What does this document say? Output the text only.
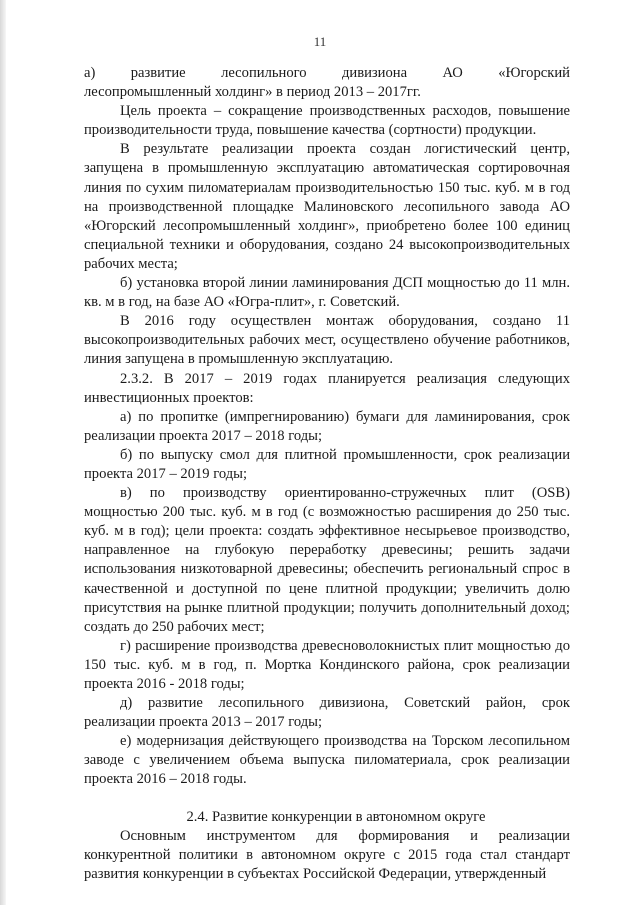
11
а) развитие лесопильного дивизиона АО «Югорский
лесопромышленный холдинг» в период 2013 – 2017гг.

Цель проекта – сокращение производственных расходов, повышение производительности труда, повышение качества (сортности) продукции.

В результате реализации проекта создан логистический центр, запущена в промышленную эксплуатацию автоматическая сортировочная линия по сухим пиломатериалам производительностью 150 тыс. куб. м в год на производственной площадке Малиновского лесопильного завода АО «Югорский лесопромышленный холдинг», приобретено более 100 единиц специальной техники и оборудования, создано 24 высокопроизводительных рабочих места;

б) установка второй линии ламинирования ДСП мощностью до 11 млн. кв. м в год, на базе АО «Югра-плит», г. Советский.

В 2016 году осуществлен монтаж оборудования, создано 11 высокопроизводительных рабочих мест, осуществлено обучение работников, линия запущена в промышленную эксплуатацию.

2.3.2. В 2017 – 2019 годах планируется реализация следующих инвестиционных проектов:

а) по пропитке (импрегнированию) бумаги для ламинирования, срок реализации проекта 2017 – 2018 годы;

б) по выпуску смол для плитной промышленности, срок реализации проекта 2017 – 2019 годы;

в) по производству ориентированно-стружечных плит (OSB) мощностью 200 тыс. куб. м в год (с возможностью расширения до 250 тыс. куб. м в год); цели проекта: создать эффективное несырьевое производство, направленное на глубокую переработку древесины; решить задачи использования низкотоварной древесины; обеспечить региональный спрос в качественной и доступной по цене плитной продукции; увеличить долю присутствия на рынке плитной продукции; получить дополнительный доход; создать до 250 рабочих мест;

г) расширение производства древесноволокнистых плит мощностью до 150 тыс. куб. м в год, п. Мортка Кондинского района, срок реализации проекта 2016 - 2018 годы;

д) развитие лесопильного дивизиона, Советский район, срок реализации проекта 2013 – 2017 годы;

е) модернизация действующего производства на Торском лесопильном заводе с увеличением объема выпуска пиломатериала, срок реализации проекта 2016 – 2018 годы.

2.4. Развитие конкуренции в автономном округе

Основным инструментом для формирования и реализации конкурентной политики в автономном округе с 2015 года стал стандарт развития конкуренции в субъектах Российской Федерации, утвержденный
